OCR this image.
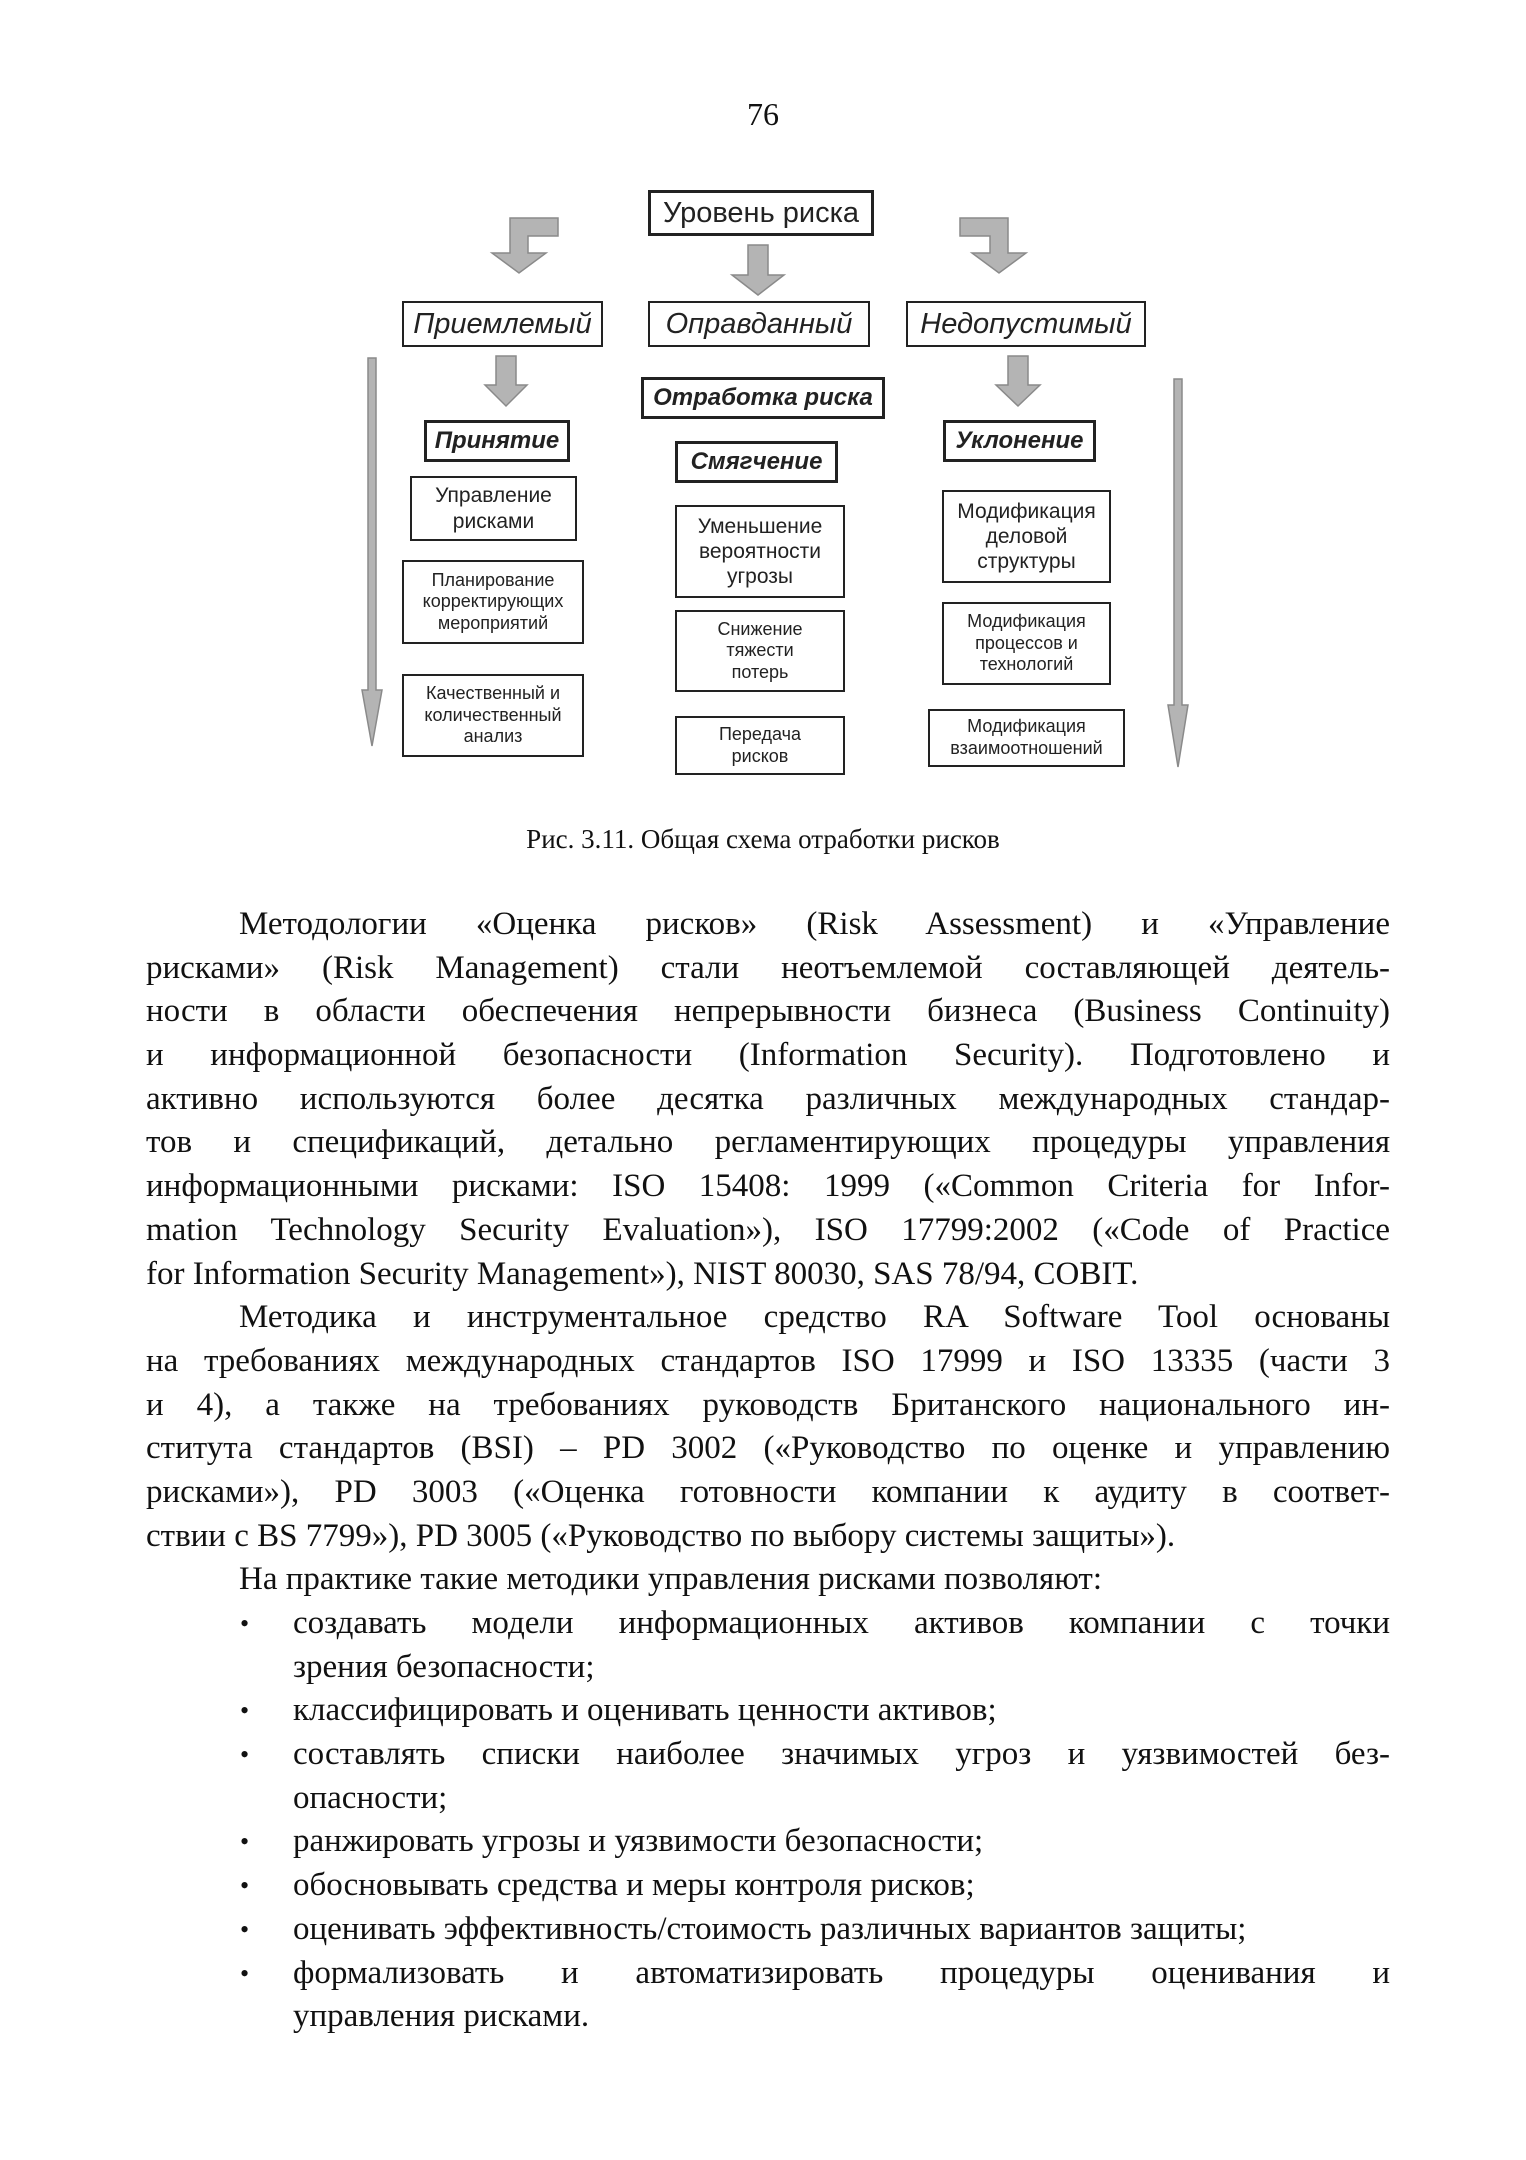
76
Уровень риска
Приемлемый	Оправданный	Недопустимый
Отработка риска
Принятие
Смягчение
Уклонение
Управление рисками
Планирование корректирующих мероприятий
Качественный и количественный анализ
Уменьшение вероятности угрозы
Снижение тяжести потерь
Передача рисков
Модификация деловой структуры
Модификация процессов и технологий
Модификация взаимоотношений
Рис. 3.11. Общая схема отработки рисков
Методологии «Оценка рисков» (Risk Assessment) и «Управление
рисками» (Risk Management) стали неотъемлемой составляющей деятель-
ности в области обеспечения непрерывности бизнеса (Business Continuity)
и информационной безопасности (Information Security). Подготовлено и
активно используются более десятка различных международных стандар-
тов и спецификаций, детально регламентирующих процедуры управления
информационными рисками: ISO 15408: 1999 («Common Criteria for Infor-
mation Technology Security Evaluation»), ISO 17799:2002 («Code of Practice
for Information Security Management»), NIST 80030, SAS 78/94, COBIT.
Методика и инструментальное средство RA Software Tool основаны
на требованиях международных стандартов ISO 17999 и ISO 13335 (части 3
и 4), а также на требованиях руководств Британского национального ин-
ститута стандартов (BSI) – PD 3002 («Руководство по оценке и управлению
рисками»), PD 3003 («Оценка готовности компании к аудиту в соответ-
ствии с BS 7799»), PD 3005 («Руководство по выбору системы защиты»).
На практике такие методики управления рисками позволяют:
• создавать модели информационных активов компании с точки
зрения безопасности;
• классифицировать и оценивать ценности активов;
• составлять списки наиболее значимых угроз и уязвимостей без-
опасности;
• ранжировать угрозы и уязвимости безопасности;
• обосновывать средства и меры контроля рисков;
• оценивать эффективность/стоимость различных вариантов защиты;
• формализовать и автоматизировать процедуры оценивания и
управления рисками.
